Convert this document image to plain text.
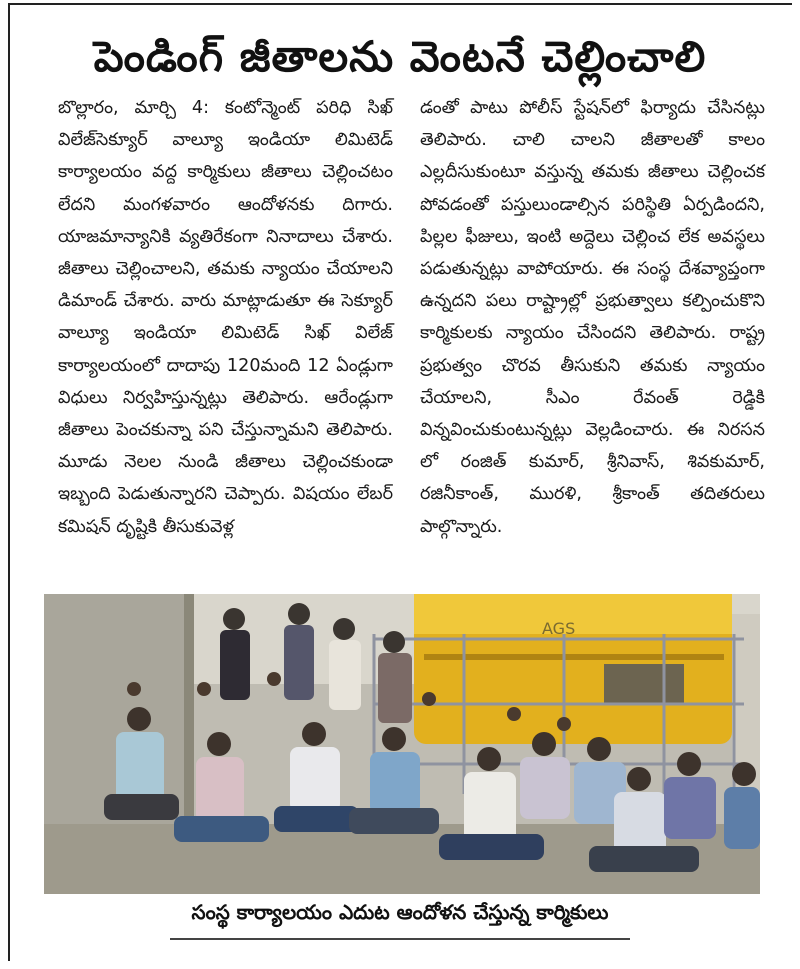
పెండింగ్ జీతాలను వెంటనే చెల్లించాలి

బొల్లారం, మార్చి 4: కంటోన్మెంట్ పరిధి సిఖ్ విలేజ్‌సెక్యూర్ వాల్యూ ఇండియా లిమిటెడ్ కార్యాలయం వద్ద కార్మికులు జీతాలు చెల్లించటం లేదని మంగళవారం ఆందోళనకు దిగారు. యాజమాన్యానికి వ్యతిరేకంగా నినాదాలు చేశారు. జీతాలు చెల్లించాలని, తమకు న్యాయం చేయాలని డిమాండ్ చేశారు. వారు మాట్లాడుతూ ఈ సెక్యూర్ వాల్యూ ఇండియా లిమిటెడ్ సిఖ్ విలేజ్ కార్యాలయంలో దాదాపు 120మంది 12 ఏండ్లుగా విధులు నిర్వహిస్తున్నట్లు తెలిపారు. ఆరేండ్లుగా జీతాలు పెంచకున్నా పని చేస్తున్నామని తెలిపారు. మూడు నెలల నుండి జీతాలు చెల్లించకుండా ఇబ్బంది పెడుతున్నారని చెప్పారు. విషయం లేబర్ కమిషన్ దృష్టికి తీసుకువెళ్ల

డంతో పాటు పోలీస్ స్టేషన్‌లో ఫిర్యాదు చేసినట్లు తెలిపారు. చాలి చాలని జీతాలతో కాలం ఎల్లదీసుకుంటూ వస్తున్న తమకు జీతాలు చెల్లించక పోవడంతో పస్తులుండాల్సిన పరిస్థితి ఏర్పడిందని, పిల్లల ఫీజులు, ఇంటి అద్దెలు చెల్లించ లేక అవస్థలు పడుతున్నట్లు వాపోయారు. ఈ సంస్థ దేశవ్యాప్తంగా ఉన్నదని పలు రాష్ట్రాల్లో ప్రభుత్వాలు కల్పించుకొని కార్మికులకు న్యాయం చేసిందని తెలిపారు. రాష్ట్ర ప్రభుత్వం చొరవ తీసుకుని తమకు న్యాయం చేయాలని, సీఎం రేవంత్ రెడ్డికి విన్నవించుకుంటున్నట్లు వెల్లడించారు. ఈ నిరసన లో రంజిత్ కుమార్, శ్రీనివాస్, శివకుమార్, రజినీకాంత్, మురళి, శ్రీకాంత్ తదితరులు పాల్గొన్నారు.

AGS

సంస్థ కార్యాలయం ఎదుట ఆందోళన చేస్తున్న కార్మికులు
